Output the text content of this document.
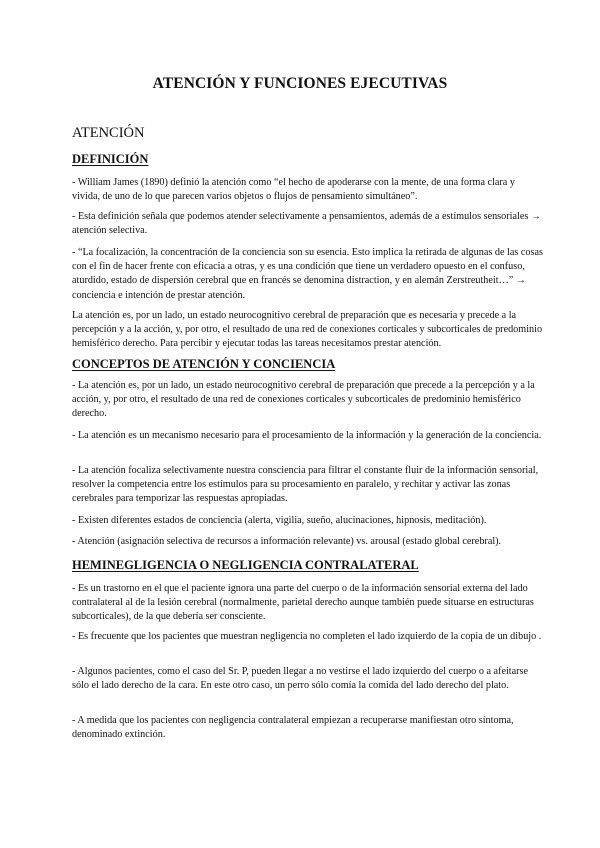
ATENCIÓN Y FUNCIONES EJECUTIVAS
ATENCIÓN
DEFINICIÓN

- William James (1890) definió la atención como “el hecho de apoderarse con la mente, de una forma clara y vivida, de uno de lo que parecen varios objetos o flujos de pensamiento simultáneo”.

- Esta definición señala que podemos atender selectivamente a pensamientos, además de a estímulos sensoriales → atención selectiva.

- “La focalización, la concentración de la conciencia son su esencia. Esto implica la retirada de algunas de las cosas con el fin de hacer frente con eficacia a otras, y es una condición que tiene un verdadero opuesto en el confuso, aturdido, estado de dispersión cerebral que en francés se denomina distraction, y en alemán Zerstreutheit…” → conciencia e intención de prestar atención.

La atención es, por un lado, un estado neurocognitivo cerebral de preparación que es necesaria y precede a la percepción y a la acción, y, por otro, el resultado de una red de conexiones corticales y subcorticales de predominio hemisférico derecho. Para percibir y ejecutar todas las tareas necesitamos prestar atención.

CONCEPTOS DE ATENCIÓN Y CONCIENCIA

- La atención es, por un lado, un estado neurocognitivo cerebral de preparación que precede a la percepción y a la acción, y, por otro, el resultado de una red de conexiones corticales y subcorticales de predominio hemisférico derecho.

- La atención es un mecanismo necesario para el procesamiento de la información y la generación de la conciencia.

- La atención focaliza selectivamente nuestra consciencia para filtrar el constante fluir de la información sensorial, resolver la competencia entre los estímulos para su procesamiento en paralelo, y rechitar y activar las zonas cerebrales para temporizar las respuestas apropiadas.

- Existen diferentes estados de conciencia (alerta, vigilia, sueño, alucinaciones, hipnosis, meditación).

- Atención (asignación selectiva de recursos a información relevante) vs. arousal (estado global cerebral).

HEMINEGLIGENCIA O NEGLIGENCIA CONTRALATERAL

- Es un trastorno en el que el paciente ignora una parte del cuerpo o de la información sensorial externa del lado contralateral al de la lesión cerebral (normalmente, parietal derecho aunque también puede situarse en estructuras subcorticales), de la que debería ser consciente.

- Es frecuente que los pacientes que muestran negligencia no completen el lado izquierdo de la copia de un dibujo .

- Algunos pacientes, como el caso del Sr. P, pueden llegar a no vestirse el lado izquierdo del cuerpo o a afeitarse sólo el lado derecho de la cara. En este otro caso, un perro sólo comía la comida del lado derecho del plato.

- A medida que los pacientes con negligencia contralateral empiezan a recuperarse manifiestan otro síntoma, denominado extinción.
